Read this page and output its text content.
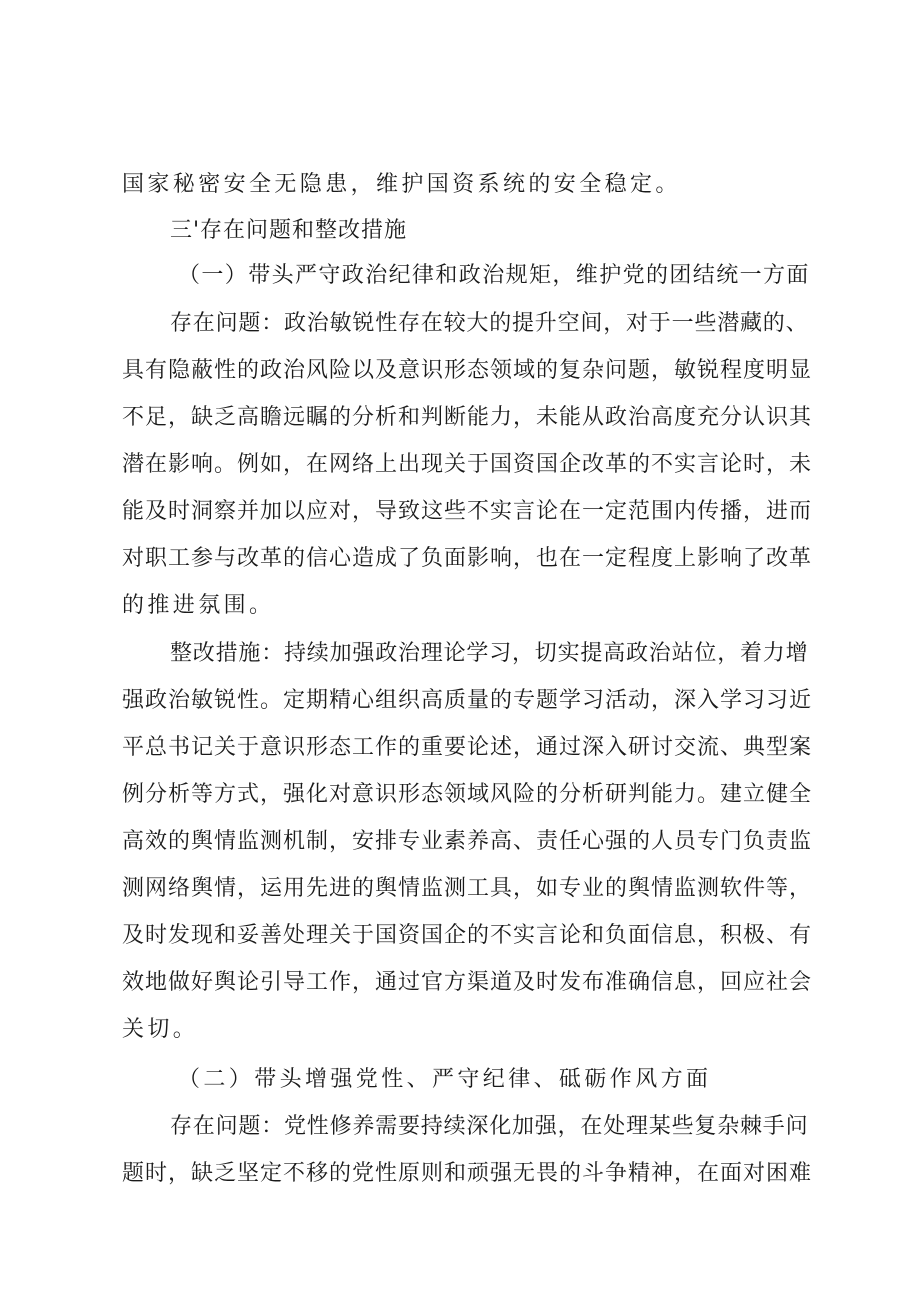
国家秘密安全无隐患，维护国资系统的安全稳定。
三'存在问题和整改措施
（一）带头严守政治纪律和政治规矩，维护党的团结统一方面
存在问题：政治敏锐性存在较大的提升空间，对于一些潜藏的、
具有隐蔽性的政治风险以及意识形态领域的复杂问题，敏锐程度明显
不足，缺乏高瞻远瞩的分析和判断能力，未能从政治高度充分认识其
潜在影响。例如，在网络上出现关于国资国企改革的不实言论时，未
能及时洞察并加以应对，导致这些不实言论在一定范围内传播，进而
对职工参与改革的信心造成了负面影响，也在一定程度上影响了改革
的推进氛围。
整改措施：持续加强政治理论学习，切实提高政治站位，着力增
强政治敏锐性。定期精心组织高质量的专题学习活动，深入学习习近
平总书记关于意识形态工作的重要论述，通过深入研讨交流、典型案
例分析等方式，强化对意识形态领域风险的分析研判能力。建立健全
高效的舆情监测机制，安排专业素养高、责任心强的人员专门负责监
测网络舆情，运用先进的舆情监测工具，如专业的舆情监测软件等，
及时发现和妥善处理关于国资国企的不实言论和负面信息，积极、有
效地做好舆论引导工作，通过官方渠道及时发布准确信息，回应社会
关切。
（二）带头增强党性、严守纪律、砥砺作风方面
存在问题：党性修养需要持续深化加强，在处理某些复杂棘手问
题时，缺乏坚定不移的党性原则和顽强无畏的斗争精神，在面对困难
